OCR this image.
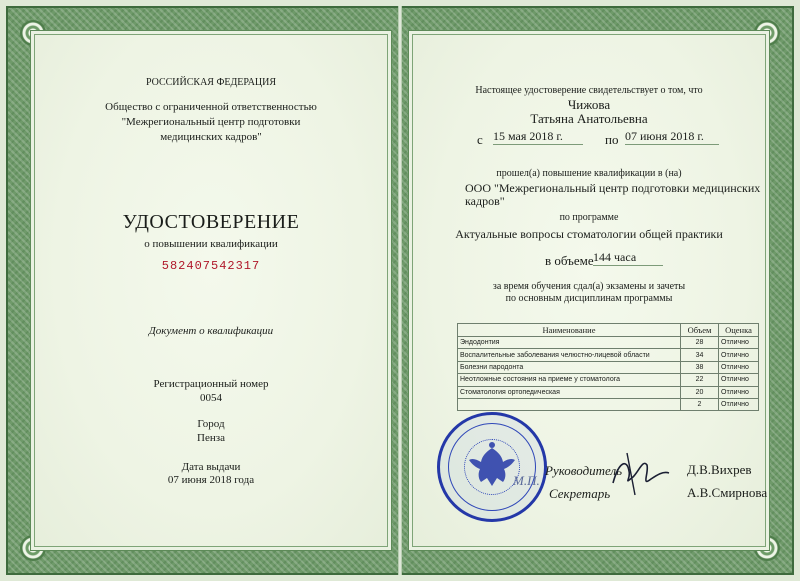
РОССИЙСКАЯ ФЕДЕРАЦИЯ
Общество с ограниченной ответственностью
"Межрегиональный центр подготовки
медицинских кадров"
УДОСТОВЕРЕНИЕ
о повышении квалификации
582407542317
Документ о квалификации
Регистрационный номер
0054
Город
Пенза
Дата выдачи
07 июня 2018 года
Настоящее удостоверение свидетельствует о том, что
Чижова
Татьяна Анатольевна
с 15 мая 2018 г.	по 07 июня 2018 г.
прошел(а) повышение квалификации в (на)
ООО "Межрегиональный центр подготовки медицинских
кадров"
по программе
Актуальные вопросы стоматологии общей практики
в объеме 144 часа
за время обучения сдал(а) экзамены и зачеты
по основным дисциплинам программы
Наименование	Объем	Оценка
Эндодонтия	28	Отлично
Воспалительные заболевания челюстно-лицевой области	34	Отлично
Болезни пародонта	38	Отлично
Неотложные состояния на приеме у стоматолога	22	Отлично
Стоматология ортопедическая	20	Отлично
	2	Отлично
М.П.
Руководитель
Секретарь
Д.В.Вихрев
А.В.Смирнова
